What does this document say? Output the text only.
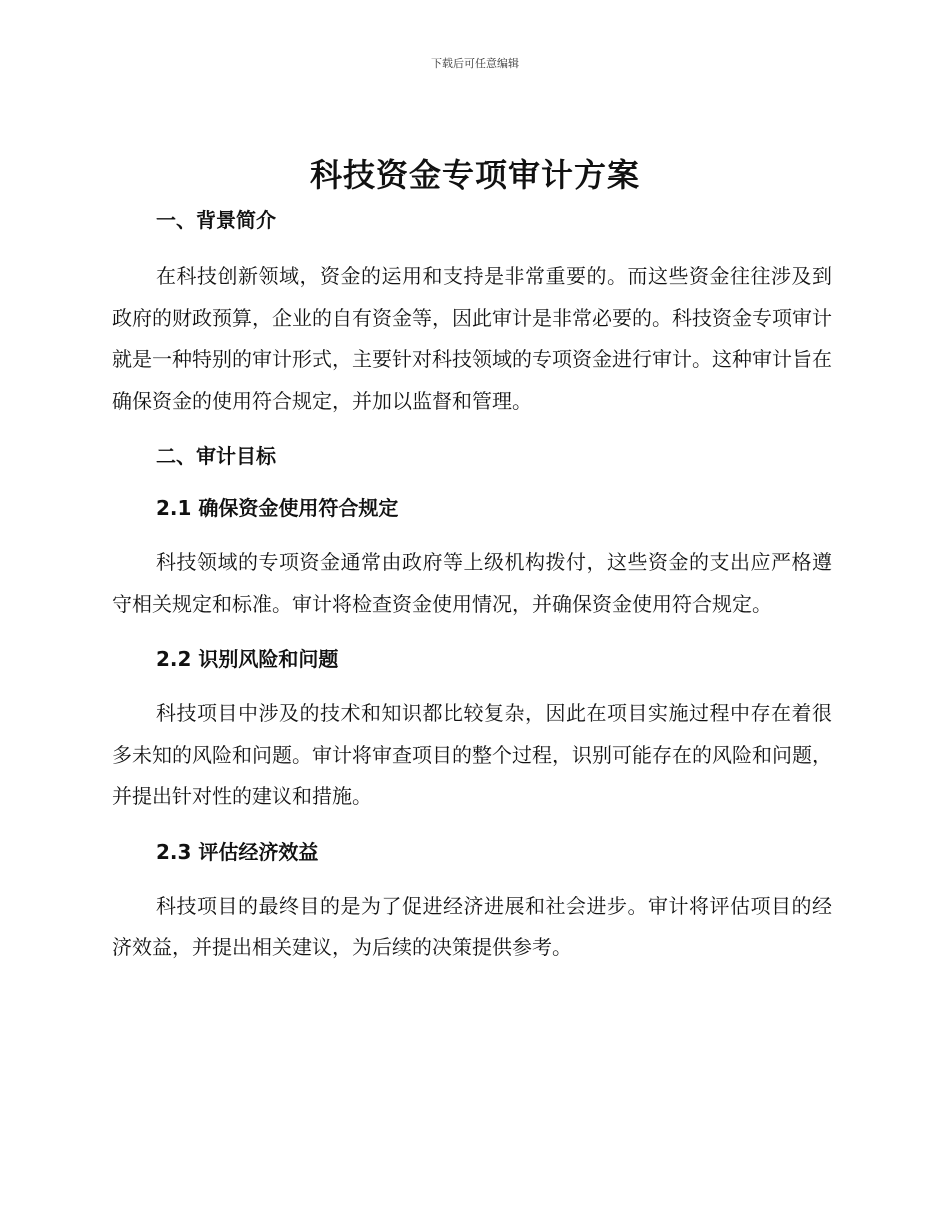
下载后可任意编辑
科技资金专项审计方案

一、背景简介

在科技创新领域，资金的运用和支持是非常重要的。而这些资金往往涉及到政府的财政预算，企业的自有资金等，因此审计是非常必要的。科技资金专项审计就是一种特别的审计形式，主要针对科技领域的专项资金进行审计。这种审计旨在确保资金的使用符合规定，并加以监督和管理。

二、审计目标

2.1 确保资金使用符合规定

科技领域的专项资金通常由政府等上级机构拨付，这些资金的支出应严格遵守相关规定和标准。审计将检查资金使用情况，并确保资金使用符合规定。

2.2 识别风险和问题

科技项目中涉及的技术和知识都比较复杂，因此在项目实施过程中存在着很多未知的风险和问题。审计将审查项目的整个过程，识别可能存在的风险和问题，并提出针对性的建议和措施。

2.3 评估经济效益

科技项目的最终目的是为了促进经济进展和社会进步。审计将评估项目的经济效益，并提出相关建议，为后续的决策提供参考。
